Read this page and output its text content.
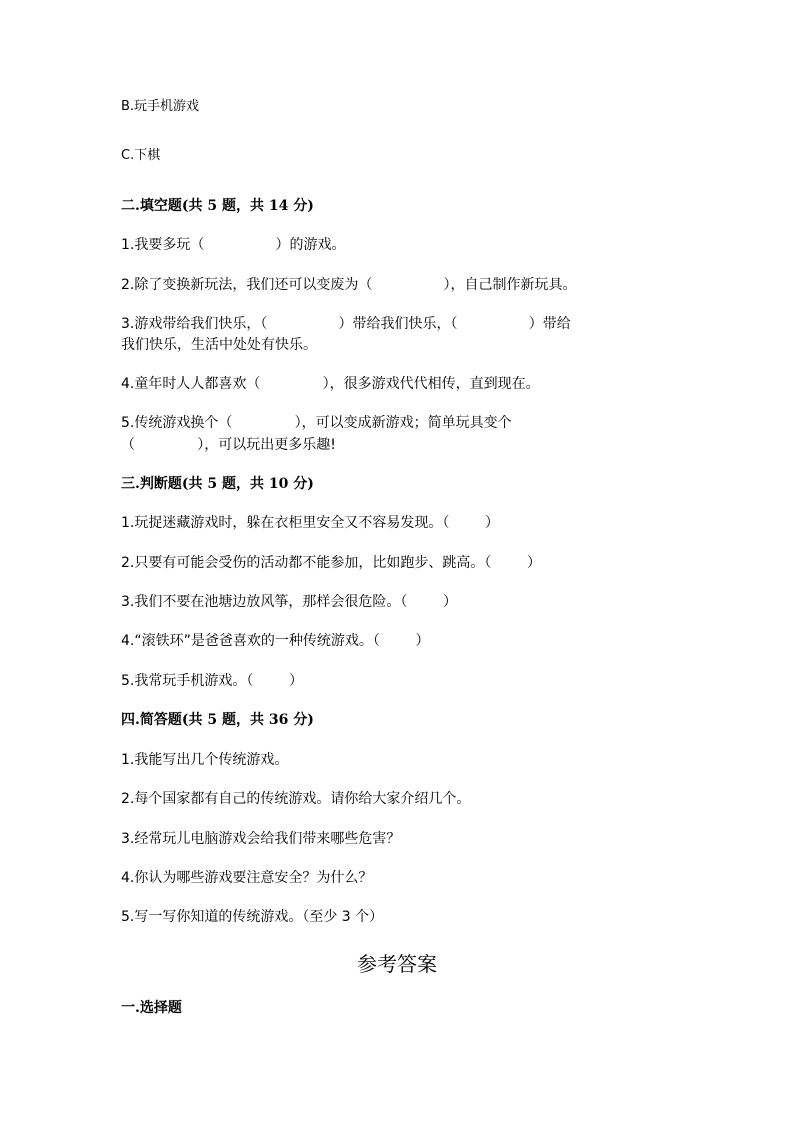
B.玩手机游戏

C.下棋

二.填空题(共 5 题，共 14 分)

1.我要多玩（                ）的游戏。

2.除了变换新玩法，我们还可以变废为（                ），自己制作新玩具。

3.游戏带给我们快乐，（                ）带给我们快乐，（                ）带给

我们快乐，生活中处处有快乐。

4.童年时人人都喜欢（              ），很多游戏代代相传，直到现在。

5.传统游戏换个（              ），可以变成新游戏；简单玩具变个

（              ），可以玩出更多乐趣!

三.判断题(共 5 题，共 10 分)

1.玩捉迷藏游戏时，躲在衣柜里安全又不容易发现。（        ）

2.只要有可能会受伤的活动都不能参加，比如跑步、跳高。（        ）

3.我们不要在池塘边放风筝，那样会很危险。（        ）

4.“滚铁环”是爸爸喜欢的一种传统游戏。（        ）

5.我常玩手机游戏。（        ）

四.简答题(共 5 题，共 36 分)

1.我能写出几个传统游戏。

2.每个国家都有自己的传统游戏。请你给大家介绍几个。

3.经常玩儿电脑游戏会给我们带来哪些危害？

4.你认为哪些游戏要注意安全？为什么？

5.写一写你知道的传统游戏。（至少 3 个）

参考答案

一.选择题
